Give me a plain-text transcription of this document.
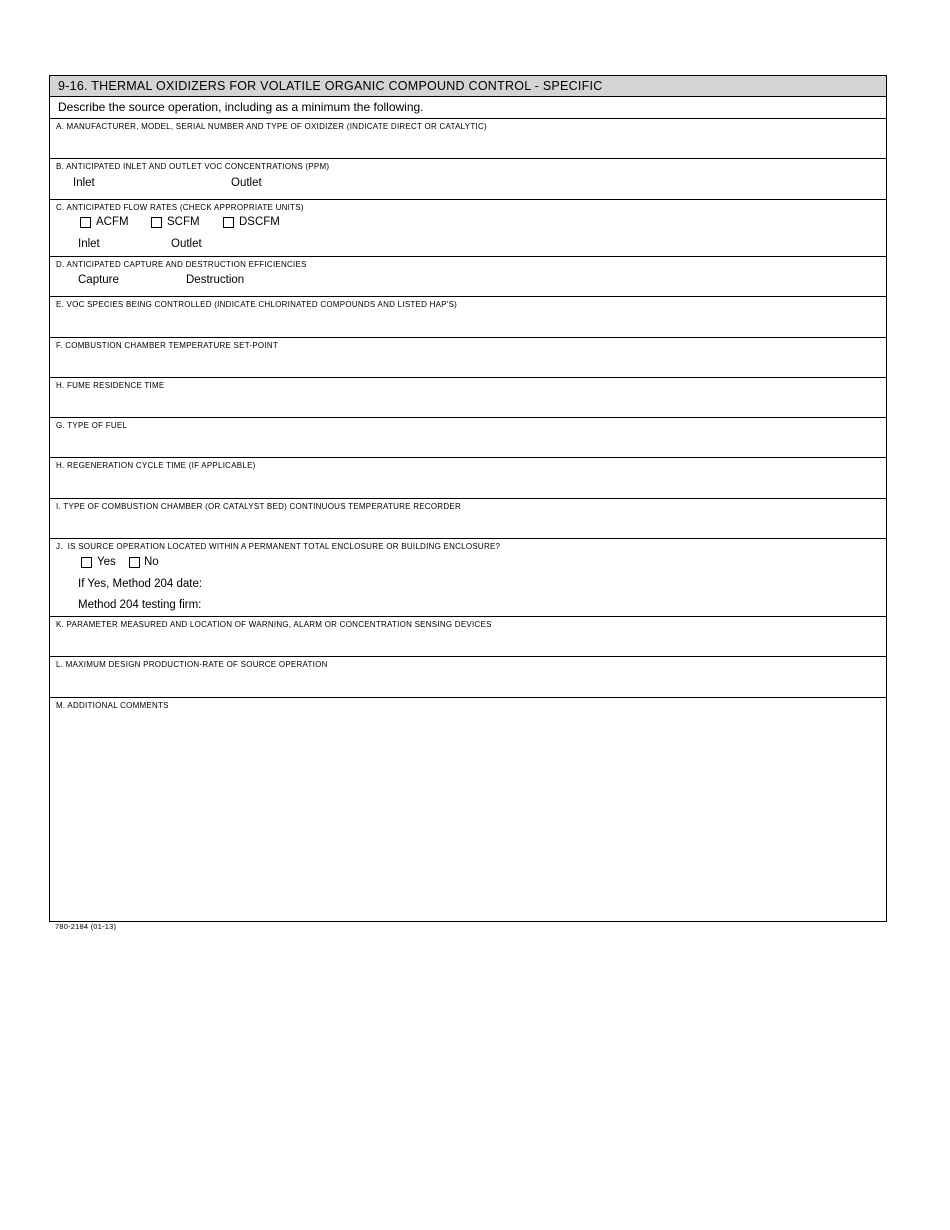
9-16. THERMAL OXIDIZERS FOR VOLATILE ORGANIC COMPOUND CONTROL - SPECIFIC
Describe the source operation, including as a minimum the following.
A. MANUFACTURER, MODEL, SERIAL NUMBER AND TYPE OF OXIDIZER (INDICATE DIRECT OR CATALYTIC)
B. ANTICIPATED INLET AND OUTLET VOC CONCENTRATIONS (PPM)
Inlet	Outlet
C. ANTICIPATED FLOW RATES (CHECK APPROPRIATE UNITS)
ACFM	SCFM	DSCFM
Inlet	Outlet
D. ANTICIPATED CAPTURE AND DESTRUCTION EFFICIENCIES
Capture	Destruction
E. VOC SPECIES BEING CONTROLLED (INDICATE CHLORINATED COMPOUNDS AND LISTED HAP'S)
F. COMBUSTION CHAMBER TEMPERATURE SET-POINT
H. FUME RESIDENCE TIME
G. TYPE OF FUEL
H. REGENERATION CYCLE TIME (IF APPLICABLE)
I. TYPE OF COMBUSTION CHAMBER (OR CATALYST BED) CONTINUOUS TEMPERATURE RECORDER
J.  IS SOURCE OPERATION LOCATED WITHIN A PERMANENT TOTAL ENCLOSURE OR BUILDING ENCLOSURE?
Yes No
If Yes, Method 204 date:
Method 204 testing firm:
K. PARAMETER MEASURED AND LOCATION OF WARNING, ALARM OR CONCENTRATION SENSING DEVICES
L. MAXIMUM DESIGN PRODUCTION-RATE OF SOURCE OPERATION
M. ADDITIONAL COMMENTS
780-2184 (01-13)
